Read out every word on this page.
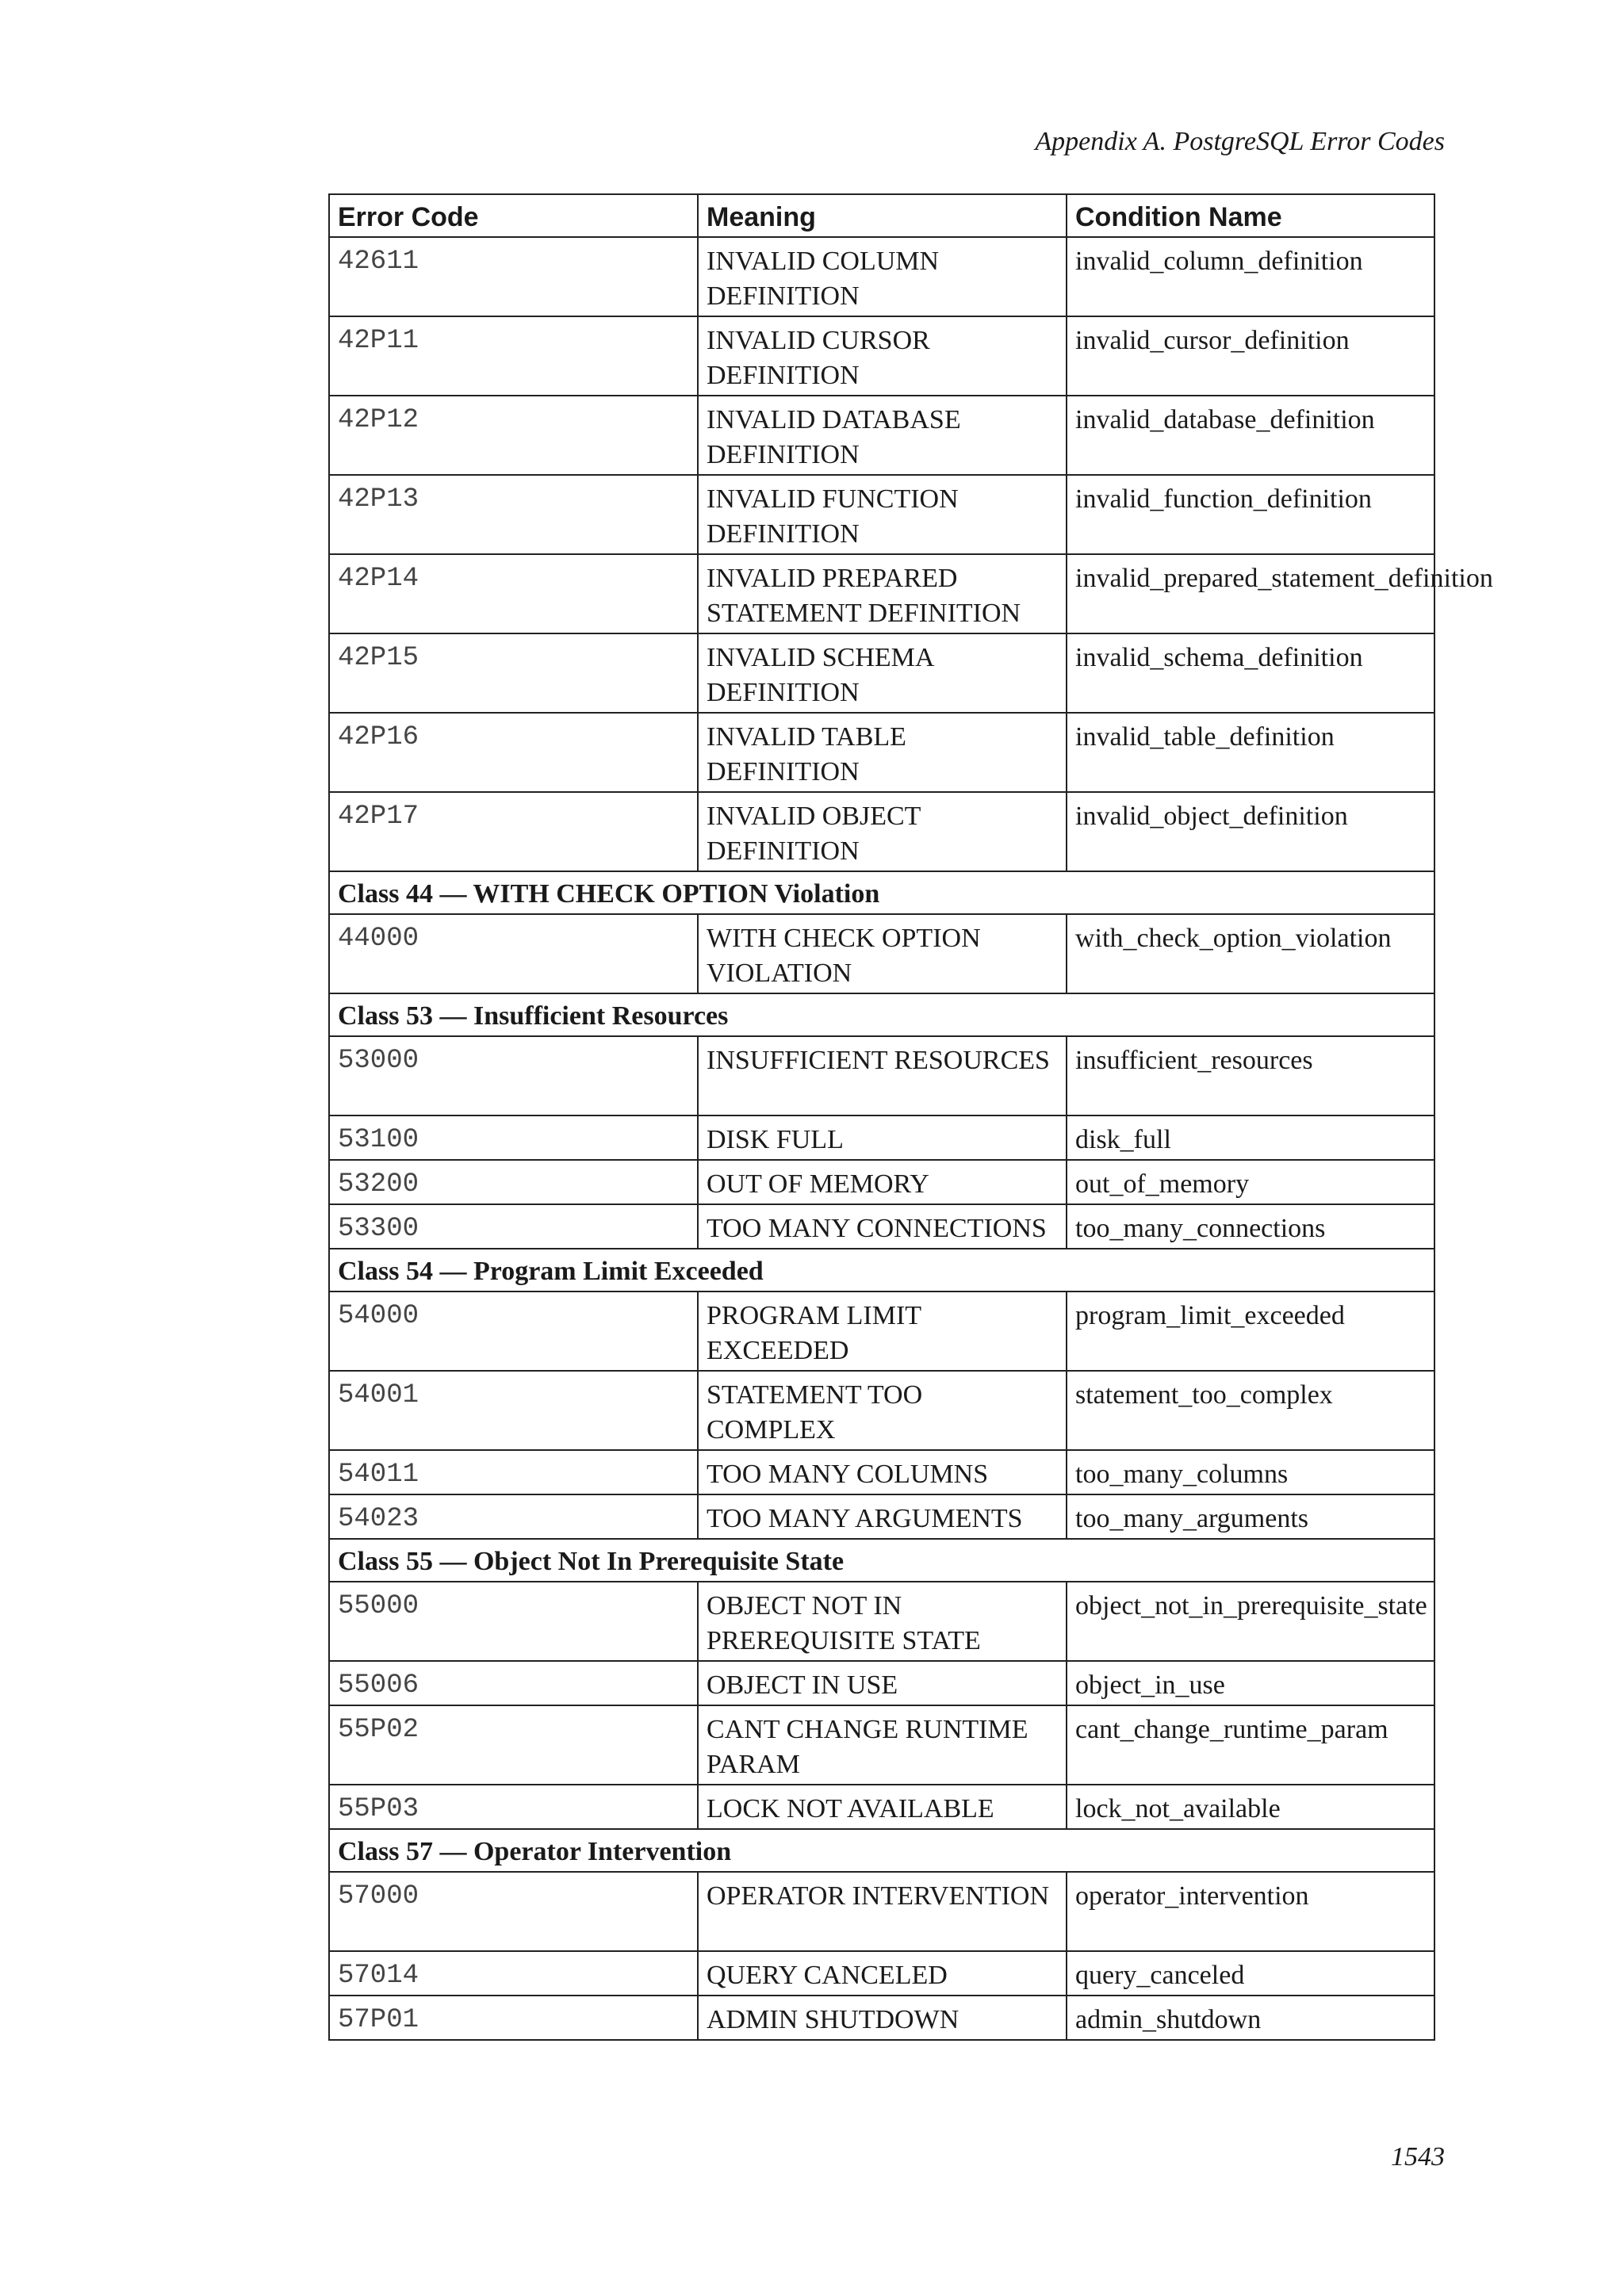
Appendix A. PostgreSQL Error Codes
Error Code	Meaning	Condition Name
42611	INVALID COLUMN DEFINITION	invalid_column_definition
42P11	INVALID CURSOR DEFINITION	invalid_cursor_definition
42P12	INVALID DATABASE DEFINITION	invalid_database_definition
42P13	INVALID FUNCTION DEFINITION	invalid_function_definition
42P14	INVALID PREPARED STATEMENT DEFINITION	invalid_prepared_statement_definition
42P15	INVALID SCHEMA DEFINITION	invalid_schema_definition
42P16	INVALID TABLE DEFINITION	invalid_table_definition
42P17	INVALID OBJECT DEFINITION	invalid_object_definition
Class 44 — WITH CHECK OPTION Violation		
44000	WITH CHECK OPTION VIOLATION	with_check_option_violation
Class 53 — Insufficient Resources		
53000	INSUFFICIENT RESOURCES	insufficient_resources
53100	DISK FULL	disk_full
53200	OUT OF MEMORY	out_of_memory
53300	TOO MANY CONNECTIONS	too_many_connections
Class 54 — Program Limit Exceeded		
54000	PROGRAM LIMIT EXCEEDED	program_limit_exceeded
54001	STATEMENT TOO COMPLEX	statement_too_complex
54011	TOO MANY COLUMNS	too_many_columns
54023	TOO MANY ARGUMENTS	too_many_arguments
Class 55 — Object Not In Prerequisite State		
55000	OBJECT NOT IN PREREQUISITE STATE	object_not_in_prerequisite_state
55006	OBJECT IN USE	object_in_use
55P02	CANT CHANGE RUNTIME PARAM	cant_change_runtime_param
55P03	LOCK NOT AVAILABLE	lock_not_available
Class 57 — Operator Intervention		
57000	OPERATOR INTERVENTION	operator_intervention
57014	QUERY CANCELED	query_canceled
57P01	ADMIN SHUTDOWN	admin_shutdown
1543
